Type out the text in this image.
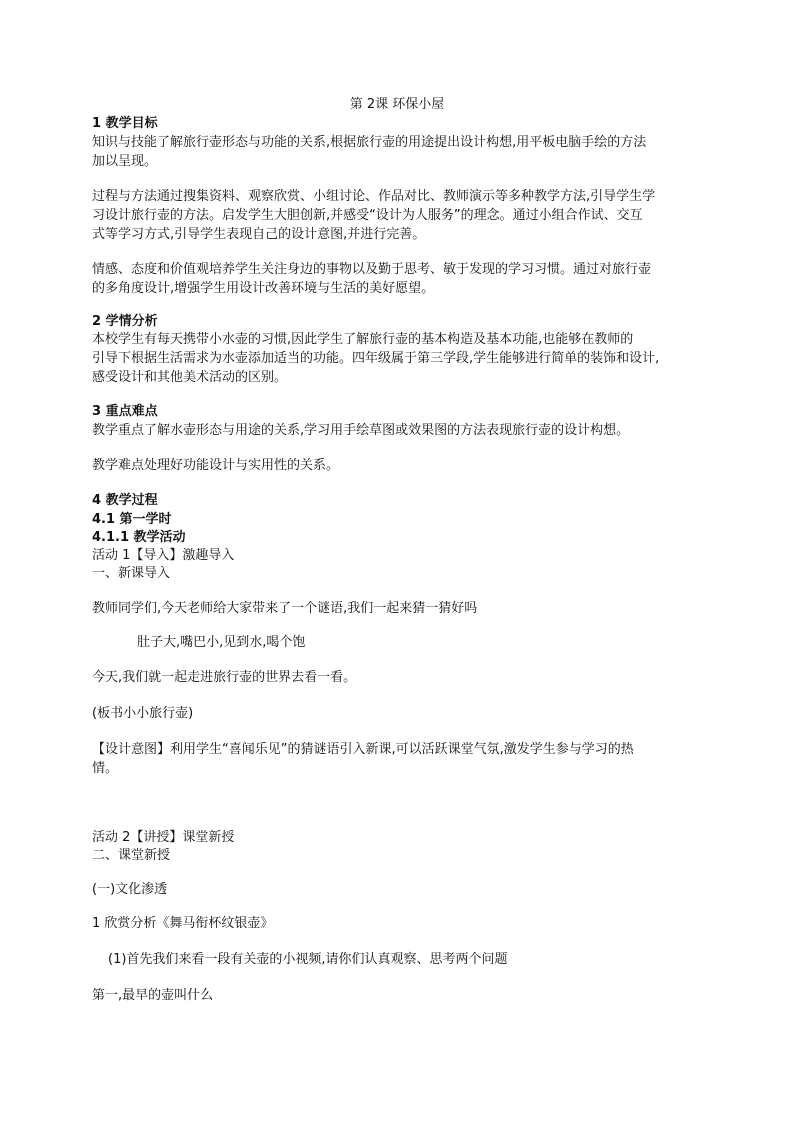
第 2课 环保小屋
1 教学目标
知识与技能了解旅行壶形态与功能的关系,根据旅行壶的用途提出设计构想,用平板电脑手绘的方法
加以呈现。
过程与方法通过搜集资料、观察欣赏、小组讨论、作品对比、教师演示等多种教学方法,引导学生学
习设计旅行壶的方法。启发学生大胆创新,并感受“设计为人服务”的理念。通过小组合作试、交互
式等学习方式,引导学生表现自己的设计意图,并进行完善。
情感、态度和价值观培养学生关注身边的事物以及勤于思考、敏于发现的学习习惯。通过对旅行壶
的多角度设计,增强学生用设计改善环境与生活的美好愿望。
2 学情分析
本校学生有每天携带小水壶的习惯,因此学生了解旅行壶的基本构造及基本功能,也能够在教师的
引导下根据生活需求为水壶添加适当的功能。四年级属于第三学段,学生能够进行简单的装饰和设计,
感受设计和其他美术活动的区别。
3 重点难点
教学重点了解水壶形态与用途的关系,学习用手绘草图或效果图的方法表现旅行壶的设计构想。
教学难点处理好功能设计与实用性的关系。
4 教学过程
4.1 第一学时
4.1.1 教学活动
活动 1【导入】激趣导入
一、新课导入
教师同学们,今天老师给大家带来了一个谜语,我们一起来猜一猜好吗
肚子大,嘴巴小,见到水,喝个饱
今天,我们就一起走进旅行壶的世界去看一看。
(板书小小旅行壶)
【设计意图】利用学生“喜闻乐见”的猜谜语引入新课,可以活跃课堂气氛,激发学生参与学习的热
情。
活动 2【讲授】课堂新授
二、课堂新授
(一)文化渗透
1 欣赏分析《舞马衔杯纹银壶》
(1)首先我们来看一段有关壶的小视频,请你们认真观察、思考两个问题
第一,最早的壶叫什么
